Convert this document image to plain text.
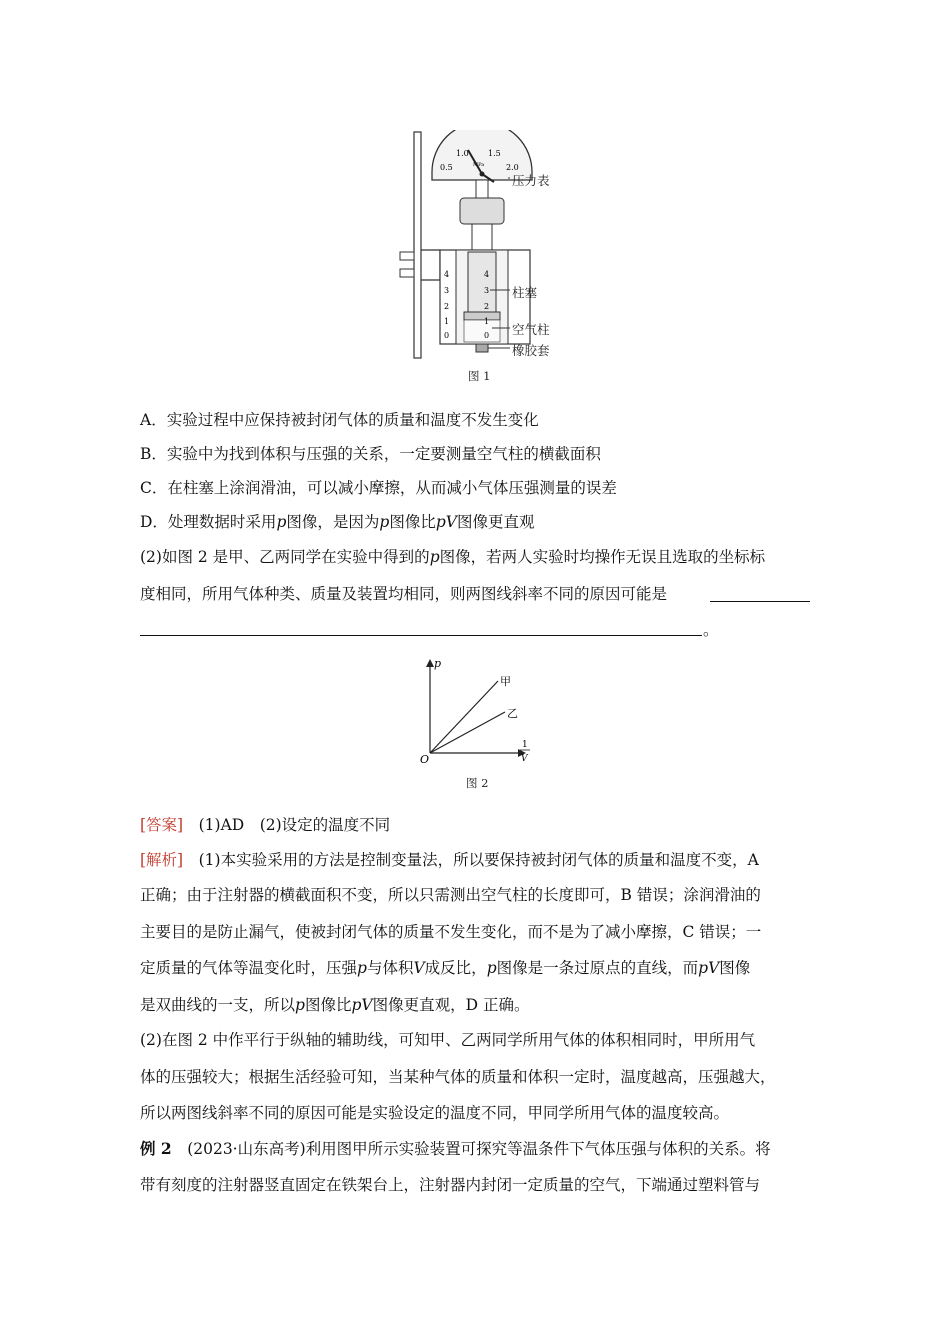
0.5
1.0 1.5
2.0
MPa
4
3
2
1
0
4
3
2
1
0
压力表
柱塞
空气柱
橡胶套
图 1
A．实验过程中应保持被封闭气体的质量和温度不发生变化
B．实验中为找到体积与压强的关系，一定要测量空气柱的横截面积
C．在柱塞上涂润滑油，可以减小摩擦，从而减小气体压强测量的误差
D．处理数据时采用p图像，是因为p图像比pV图像更直观
(2)如图 2 是甲、乙两同学在实验中得到的p图像，若两人实验时均操作无误且选取的坐标标
度相同，所用气体种类、质量及装置均相同，则两图线斜率不同的原因可能是
。
p
O
1
V
甲
乙
图 2
[答案]　 (1)AD　(2)设定的温度不同
[解析]　 (1)本实验采用的方法是控制变量法，所以要保持被封闭气体的质量和温度不变，A
正确；由于注射器的横截面积不变，所以只需测出空气柱的长度即可，B 错误；涂润滑油的
主要目的是防止漏气，使被封闭气体的质量不发生变化，而不是为了减小摩擦，C 错误；一
定质量的气体等温变化时，压强p与体积V成反比，p图像是一条过原点的直线，而pV图像
是双曲线的一支，所以p图像比pV图像更直观，D 正确。
(2)在图 2 中作平行于纵轴的辅助线，可知甲、乙两同学所用气体的体积相同时，甲所用气
体的压强较大；根据生活经验可知，当某种气体的质量和体积一定时，温度越高，压强越大，
所以两图线斜率不同的原因可能是实验设定的温度不同，甲同学所用气体的温度较高。
例 2　(2023·山东高考)利用图甲所示实验装置可探究等温条件下气体压强与体积的关系。将
带有刻度的注射器竖直固定在铁架台上，注射器内封闭一定质量的空气，下端通过塑料管与
